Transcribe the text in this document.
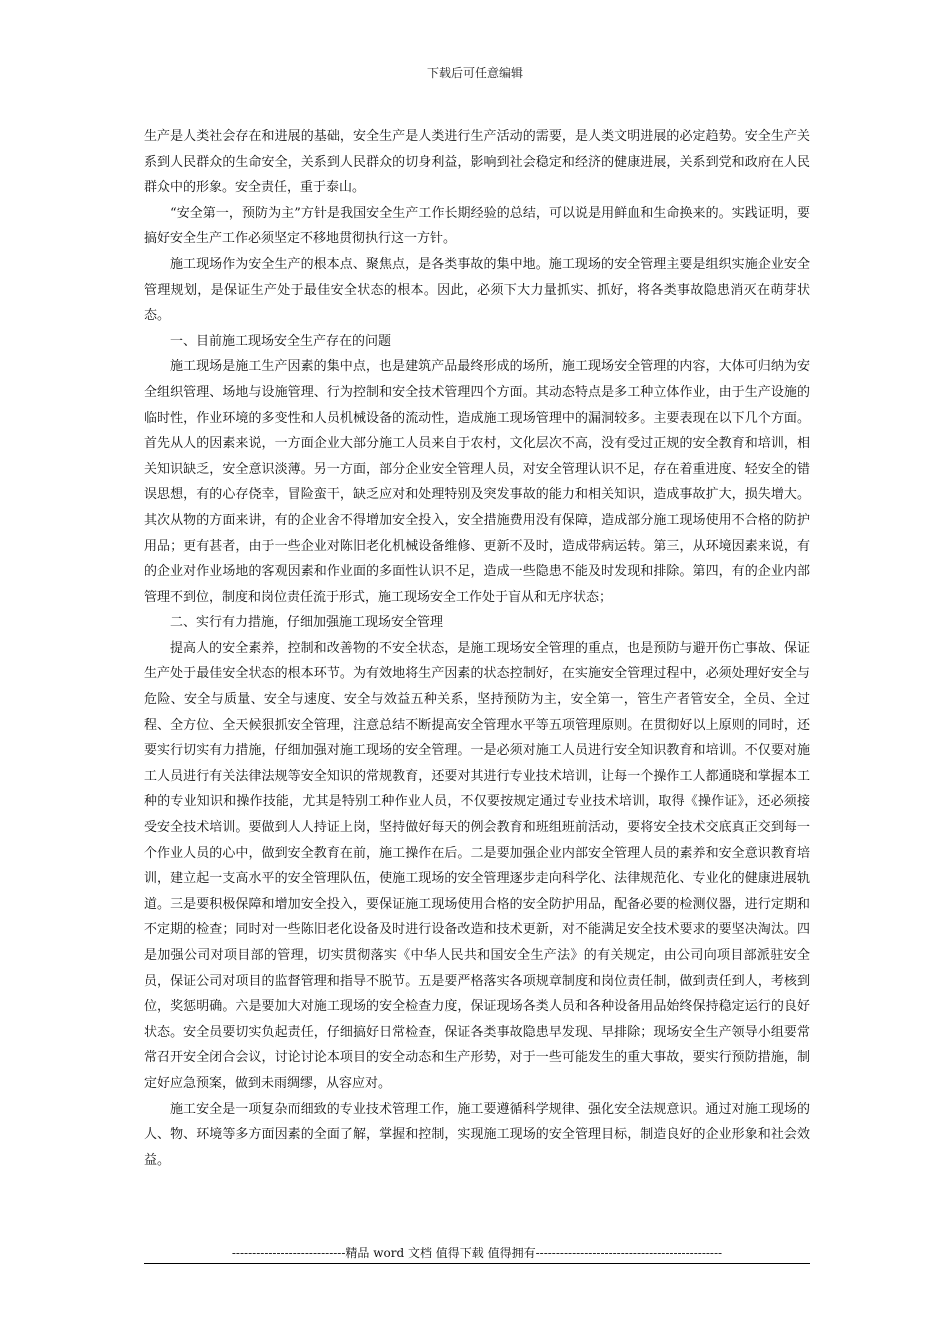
下载后可任意编辑

生产是人类社会存在和进展的基础，安全生产是人类进行生产活动的需要，是人类文明进展的必定趋势。安全生产关系到人民群众的生命安全，关系到人民群众的切身利益，影响到社会稳定和经济的健康进展，关系到党和政府在人民群众中的形象。安全责任，重于泰山。

“安全第一，预防为主”方针是我国安全生产工作长期经验的总结，可以说是用鲜血和生命换来的。实践证明，要搞好安全生产工作必须坚定不移地贯彻执行这一方针。

施工现场作为安全生产的根本点、聚焦点，是各类事故的集中地。施工现场的安全管理主要是组织实施企业安全管理规划，是保证生产处于最佳安全状态的根本。因此，必须下大力量抓实、抓好，将各类事故隐患消灭在萌芽状态。

一、目前施工现场安全生产存在的问题

施工现场是施工生产因素的集中点，也是建筑产品最终形成的场所，施工现场安全管理的内容，大体可归纳为安全组织管理、场地与设施管理、行为控制和安全技术管理四个方面。其动态特点是多工种立体作业，由于生产设施的临时性，作业环境的多变性和人员机械设备的流动性，造成施工现场管理中的漏洞较多。主要表现在以下几个方面。首先从人的因素来说，一方面企业大部分施工人员来自于农村，文化层次不高，没有受过正规的安全教育和培训，相关知识缺乏，安全意识淡薄。另一方面，部分企业安全管理人员，对安全管理认识不足，存在着重进度、轻安全的错误思想，有的心存侥幸，冒险蛮干，缺乏应对和处理特别及突发事故的能力和相关知识，造成事故扩大，损失增大。其次从物的方面来讲，有的企业舍不得增加安全投入，安全措施费用没有保障，造成部分施工现场使用不合格的防护用品；更有甚者，由于一些企业对陈旧老化机械设备维修、更新不及时，造成带病运转。第三，从环境因素来说，有的企业对作业场地的客观因素和作业面的多面性认识不足，造成一些隐患不能及时发现和排除。第四，有的企业内部管理不到位，制度和岗位责任流于形式，施工现场安全工作处于盲从和无序状态；

二、实行有力措施，仔细加强施工现场安全管理

提高人的安全素养，控制和改善物的不安全状态，是施工现场安全管理的重点，也是预防与避开伤亡事故、保证生产处于最佳安全状态的根本环节。为有效地将生产因素的状态控制好，在实施安全管理过程中，必须处理好安全与危险、安全与质量、安全与速度、安全与效益五种关系，坚持预防为主，安全第一，管生产者管安全，全员、全过程、全方位、全天候狠抓安全管理，注意总结不断提高安全管理水平等五项管理原则。在贯彻好以上原则的同时，还要实行切实有力措施，仔细加强对施工现场的安全管理。一是必须对施工人员进行安全知识教育和培训。不仅要对施工人员进行有关法律法规等安全知识的常规教育，还要对其进行专业技术培训，让每一个操作工人都通晓和掌握本工种的专业知识和操作技能，尤其是特别工种作业人员，不仅要按规定通过专业技术培训，取得《操作证》，还必须接受安全技术培训。要做到人人持证上岗，坚持做好每天的例会教育和班组班前活动，要将安全技术交底真正交到每一个作业人员的心中，做到安全教育在前，施工操作在后。二是要加强企业内部安全管理人员的素养和安全意识教育培训，建立起一支高水平的安全管理队伍，使施工现场的安全管理逐步走向科学化、法律规范化、专业化的健康进展轨道。三是要积极保障和增加安全投入，要保证施工现场使用合格的安全防护用品，配备必要的检测仪器，进行定期和不定期的检查；同时对一些陈旧老化设备及时进行设备改造和技术更新，对不能满足安全技术要求的要坚决淘汰。四是加强公司对项目部的管理，切实贯彻落实《中华人民共和国安全生产法》的有关规定，由公司向项目部派驻安全员，保证公司对项目的监督管理和指导不脱节。五是要严格落实各项规章制度和岗位责任制，做到责任到人，考核到位，奖惩明确。六是要加大对施工现场的安全检查力度，保证现场各类人员和各种设备用品始终保持稳定运行的良好状态。安全员要切实负起责任，仔细搞好日常检查，保证各类事故隐患早发现、早排除；现场安全生产领导小组要常常召开安全闭合会议，讨论讨论本项目的安全动态和生产形势，对于一些可能发生的重大事故，要实行预防措施，制定好应急预案，做到未雨绸缪，从容应对。

施工安全是一项复杂而细致的专业技术管理工作，施工要遵循科学规律、强化安全法规意识。通过对施工现场的人、物、环境等多方面因素的全面了解，掌握和控制，实现施工现场的安全管理目标，制造良好的企业形象和社会效益。

----------------------------精品 word 文档 值得下载 值得拥有----------------------------------------------
